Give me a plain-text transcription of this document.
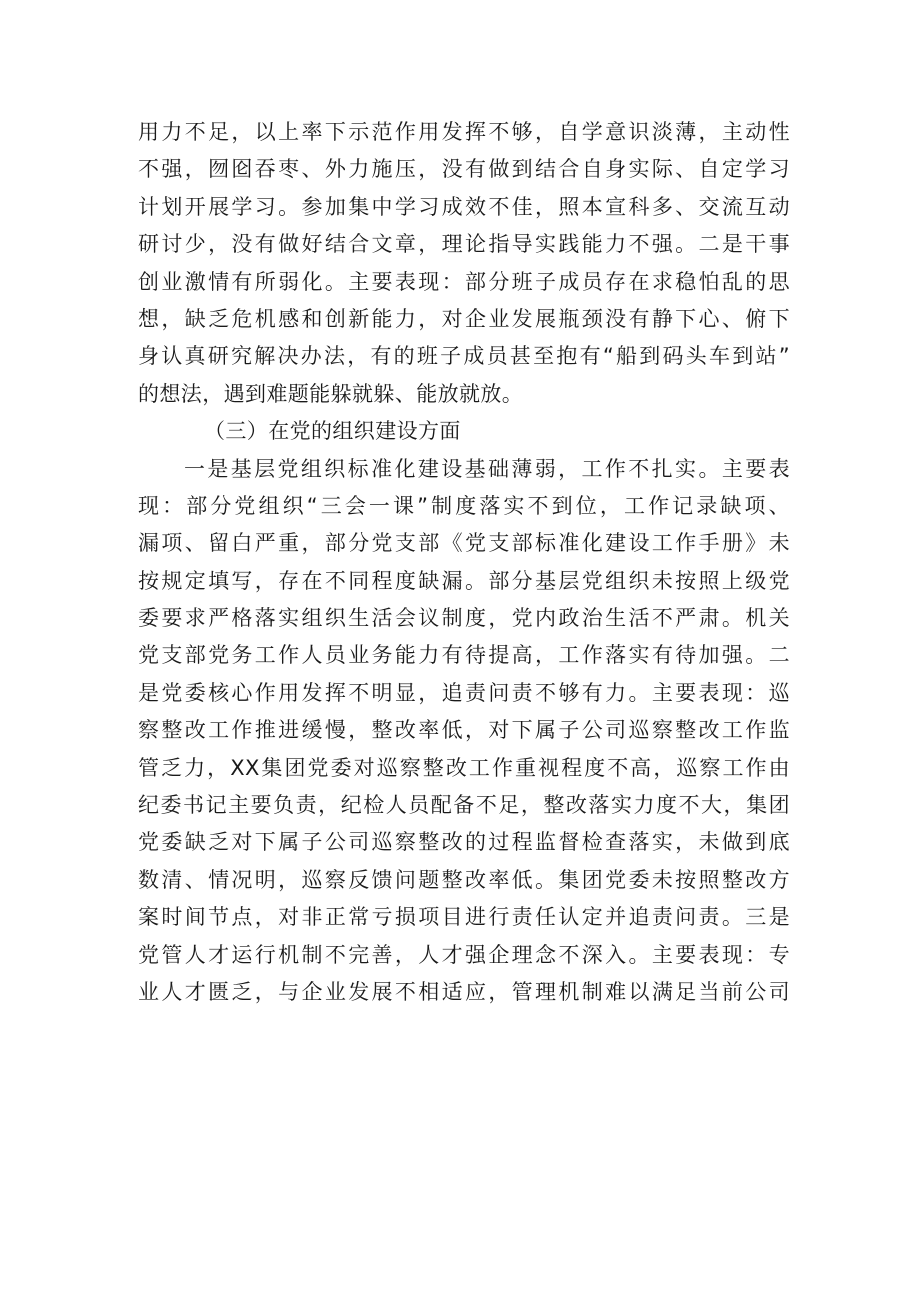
用力不足，以上率下示范作用发挥不够，自学意识淡薄，主动性
不强，囫囵吞枣、外力施压，没有做到结合自身实际、自定学习
计划开展学习。参加集中学习成效不佳，照本宣科多、交流互动
研讨少，没有做好结合文章，理论指导实践能力不强。二是干事
创业激情有所弱化。主要表现：部分班子成员存在求稳怕乱的思
想，缺乏危机感和创新能力，对企业发展瓶颈没有静下心、俯下
身认真研究解决办法，有的班子成员甚至抱有“船到码头车到站”
的想法，遇到难题能躲就躲、能放就放。
（三）在党的组织建设方面
一是基层党组织标准化建设基础薄弱，工作不扎实。主要表
现：部分党组织“三会一课”制度落实不到位，工作记录缺项、
漏项、留白严重，部分党支部《党支部标准化建设工作手册》未
按规定填写，存在不同程度缺漏。部分基层党组织未按照上级党
委要求严格落实组织生活会议制度，党内政治生活不严肃。机关
党支部党务工作人员业务能力有待提高，工作落实有待加强。二
是党委核心作用发挥不明显，追责问责不够有力。主要表现：巡
察整改工作推进缓慢，整改率低，对下属子公司巡察整改工作监
管乏力，XX集团党委对巡察整改工作重视程度不高，巡察工作由
纪委书记主要负责，纪检人员配备不足，整改落实力度不大，集团
党委缺乏对下属子公司巡察整改的过程监督检查落实，未做到底
数清、情况明，巡察反馈问题整改率低。集团党委未按照整改方
案时间节点，对非正常亏损项目进行责任认定并追责问责。三是
党管人才运行机制不完善，人才强企理念不深入。主要表现：专
业人才匮乏，与企业发展不相适应，管理机制难以满足当前公司
